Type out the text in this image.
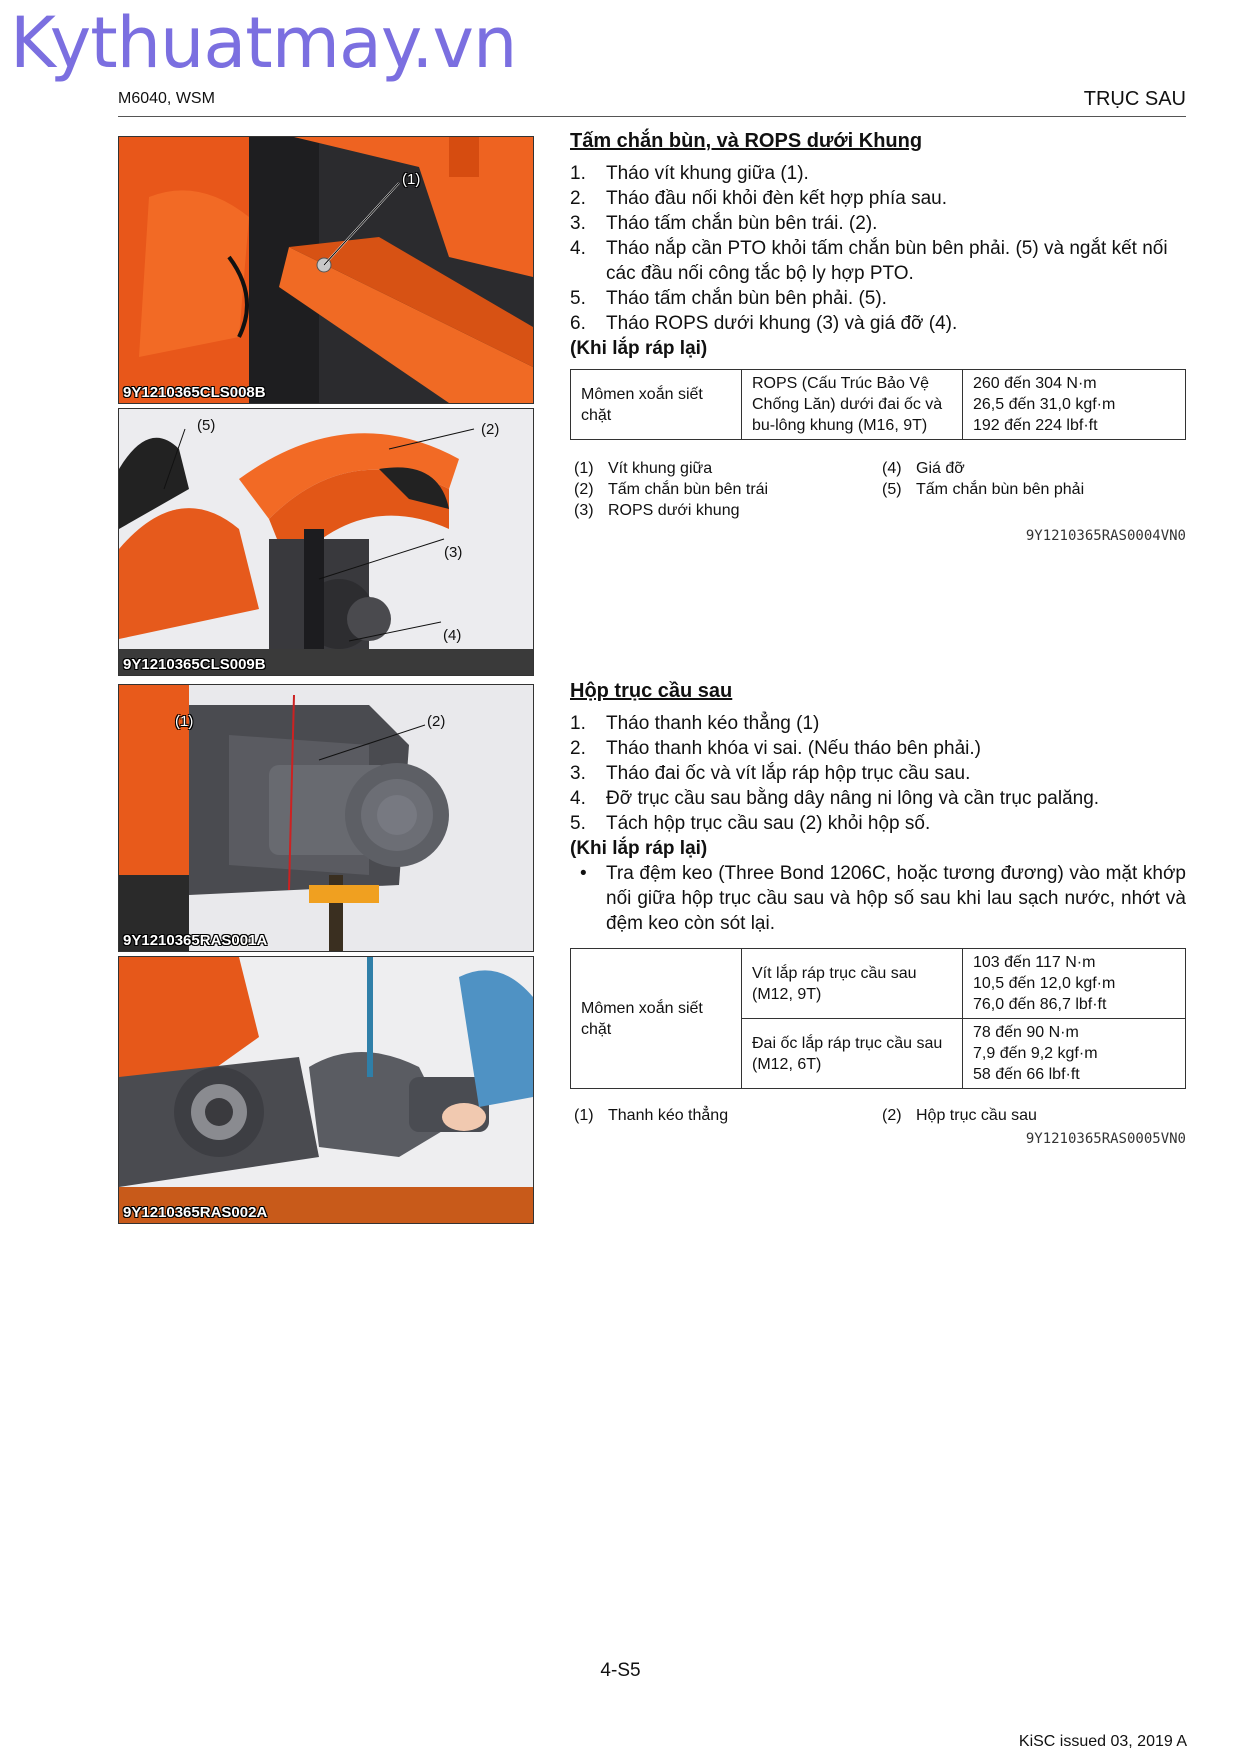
Kythuatmay.vn
M6040, WSM	TRỤC SAU
(1)
9Y1210365CLS008B
(5)	(2)
(3)
(4)
9Y1210365CLS009B
(1)	(2)
9Y1210365RAS001A
9Y1210365RAS002A
Tấm chắn bùn, và ROPS dưới Khung
1. Tháo vít khung giữa (1).
2. Tháo đầu nối khỏi đèn kết hợp phía sau.
3. Tháo tấm chắn bùn bên trái. (2).
4. Tháo nắp cần PTO khỏi tấm chắn bùn bên phải. (5) và ngắt kết nối các đầu nối công tắc bộ ly hợp PTO.
5. Tháo tấm chắn bùn bên phải. (5).
6. Tháo ROPS dưới khung (3) và giá đỡ (4).
(Khi lắp ráp lại)
Mômen xoắn siết chặt	ROPS (Cấu Trúc Bảo Vệ Chống Lăn) dưới đai ốc và bu-lông khung (M16, 9T)	
260 đến 304 N·m
26,5 đến 31,0 kgf·m
192 đến 224 lbf·ft
(1) Vít khung giữa
(2) Tấm chắn bùn bên trái
(3) ROPS dưới khung
(4) Giá đỡ
(5) Tấm chắn bùn bên phải
9Y1210365RAS0004VN0
Hộp trục cầu sau
1. Tháo thanh kéo thẳng (1)
2. Tháo thanh khóa vi sai. (Nếu tháo bên phải.)
3. Tháo đai ốc và vít lắp ráp hộp trục cầu sau.
4. Đỡ trục cầu sau bằng dây nâng ni lông và cần trục palăng.
5. Tách hộp trục cầu sau (2) khỏi hộp số.
(Khi lắp ráp lại)
• Tra đệm keo (Three Bond 1206C, hoặc tương đương) vào mặt khớp nối giữa hộp trục cầu sau và hộp số sau khi lau sạch nước, nhớt và đệm keo còn sót lại.
Mômen xoắn siết chặt	Vít lắp ráp trục cầu sau (M12, 9T)	103 đến 117 N·m
10,5 đến 12,0 kgf·m
76,0 đến 86,7 lbf·ft

	Đai ốc lắp ráp trục cầu sau (M12, 6T)	78 đến 90 N·m
7,9 đến 9,2 kgf·m
58 đến 66 lbf·ft
(1) Thanh kéo thẳng	(2) Hộp trục cầu sau
9Y1210365RAS0005VN0
4-S5
KiSC issued 03, 2019 A
